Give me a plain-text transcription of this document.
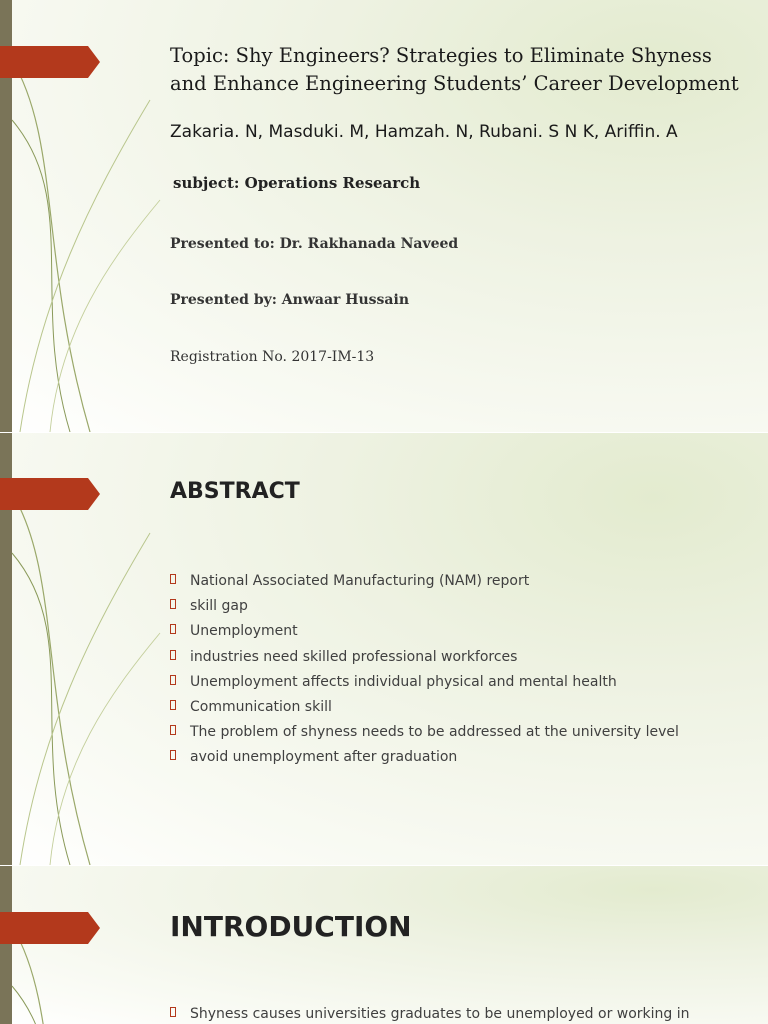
Topic: Shy Engineers? Strategies to Eliminate Shyness and Enhance Engineering Students’ Career Development
Zakaria. N, Masduki. M, Hamzah. N, Rubani. S N K, Ariffin. A
subject: Operations Research
Presented to: Dr. Rakhanada Naveed
Presented by: Anwaar Hussain
Registration No. 2017-IM-13
ABSTRACT
National Associated Manufacturing (NAM) report
skill gap
Unemployment
industries need skilled professional workforces
Unemployment affects individual physical and mental health
Communication skill
The problem of shyness needs to be addressed at the university level
avoid unemployment after graduation
INTRODUCTION
Shyness causes universities graduates to be unemployed or working in
